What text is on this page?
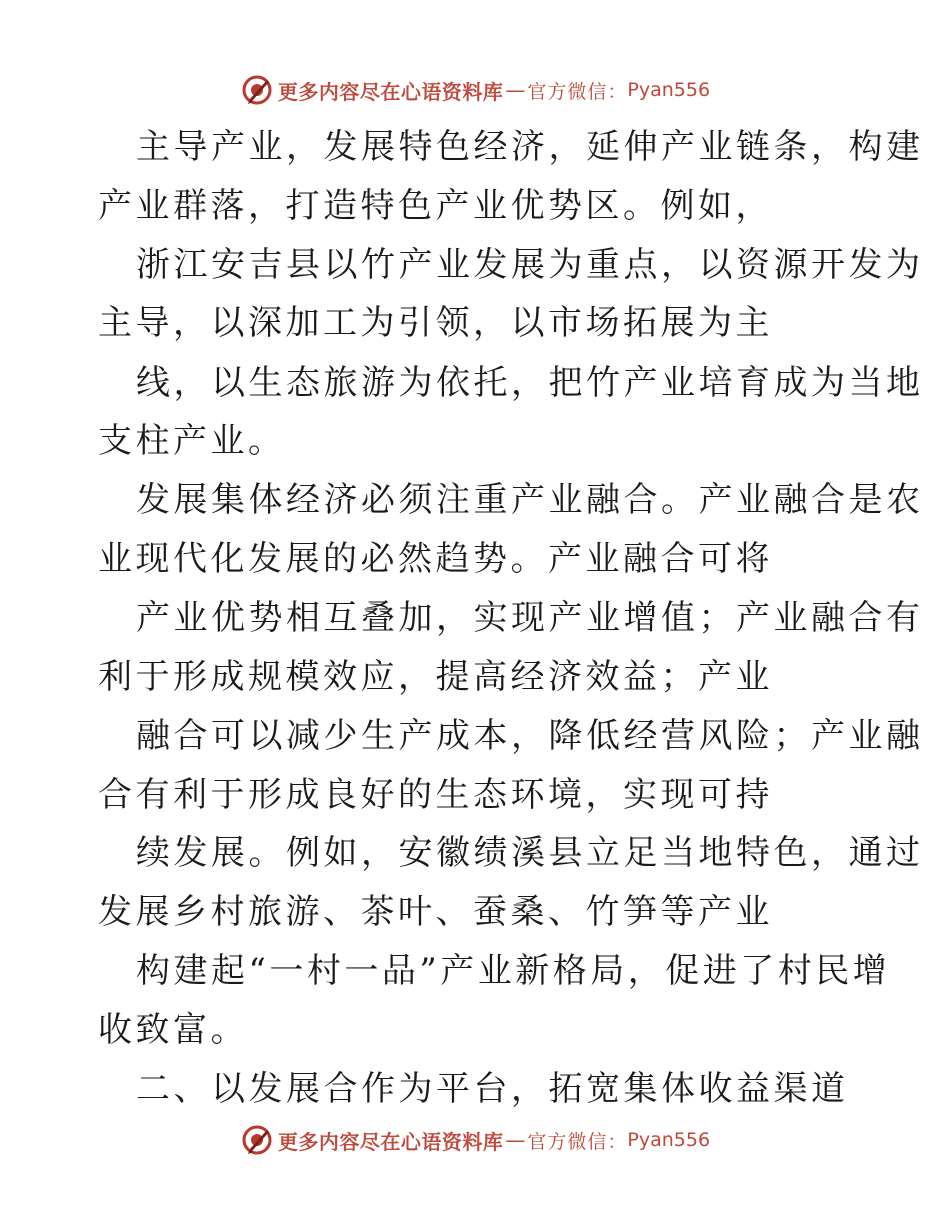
更多内容尽在心语资料库 — 官方微信： Pyan556
主导产业，发展特色经济，延伸产业链条，构建
产业群落，打造特色产业优势区。例如，
浙江安吉县以竹产业发展为重点，以资源开发为
主导，以深加工为引领，以市场拓展为主
线，以生态旅游为依托，把竹产业培育成为当地
支柱产业。
发展集体经济必须注重产业融合。产业融合是农
业现代化发展的必然趋势。产业融合可将
产业优势相互叠加，实现产业增值；产业融合有
利于形成规模效应，提高经济效益；产业
融合可以减少生产成本，降低经营风险；产业融
合有利于形成良好的生态环境，实现可持
续发展。例如，安徽绩溪县立足当地特色，通过
发展乡村旅游、茶叶、蚕桑、竹笋等产业
构建起“一村一品”产业新格局，促进了村民增
收致富。
二、以发展合作为平台，拓宽集体收益渠道
更多内容尽在心语资料库 — 官方微信： Pyan556
